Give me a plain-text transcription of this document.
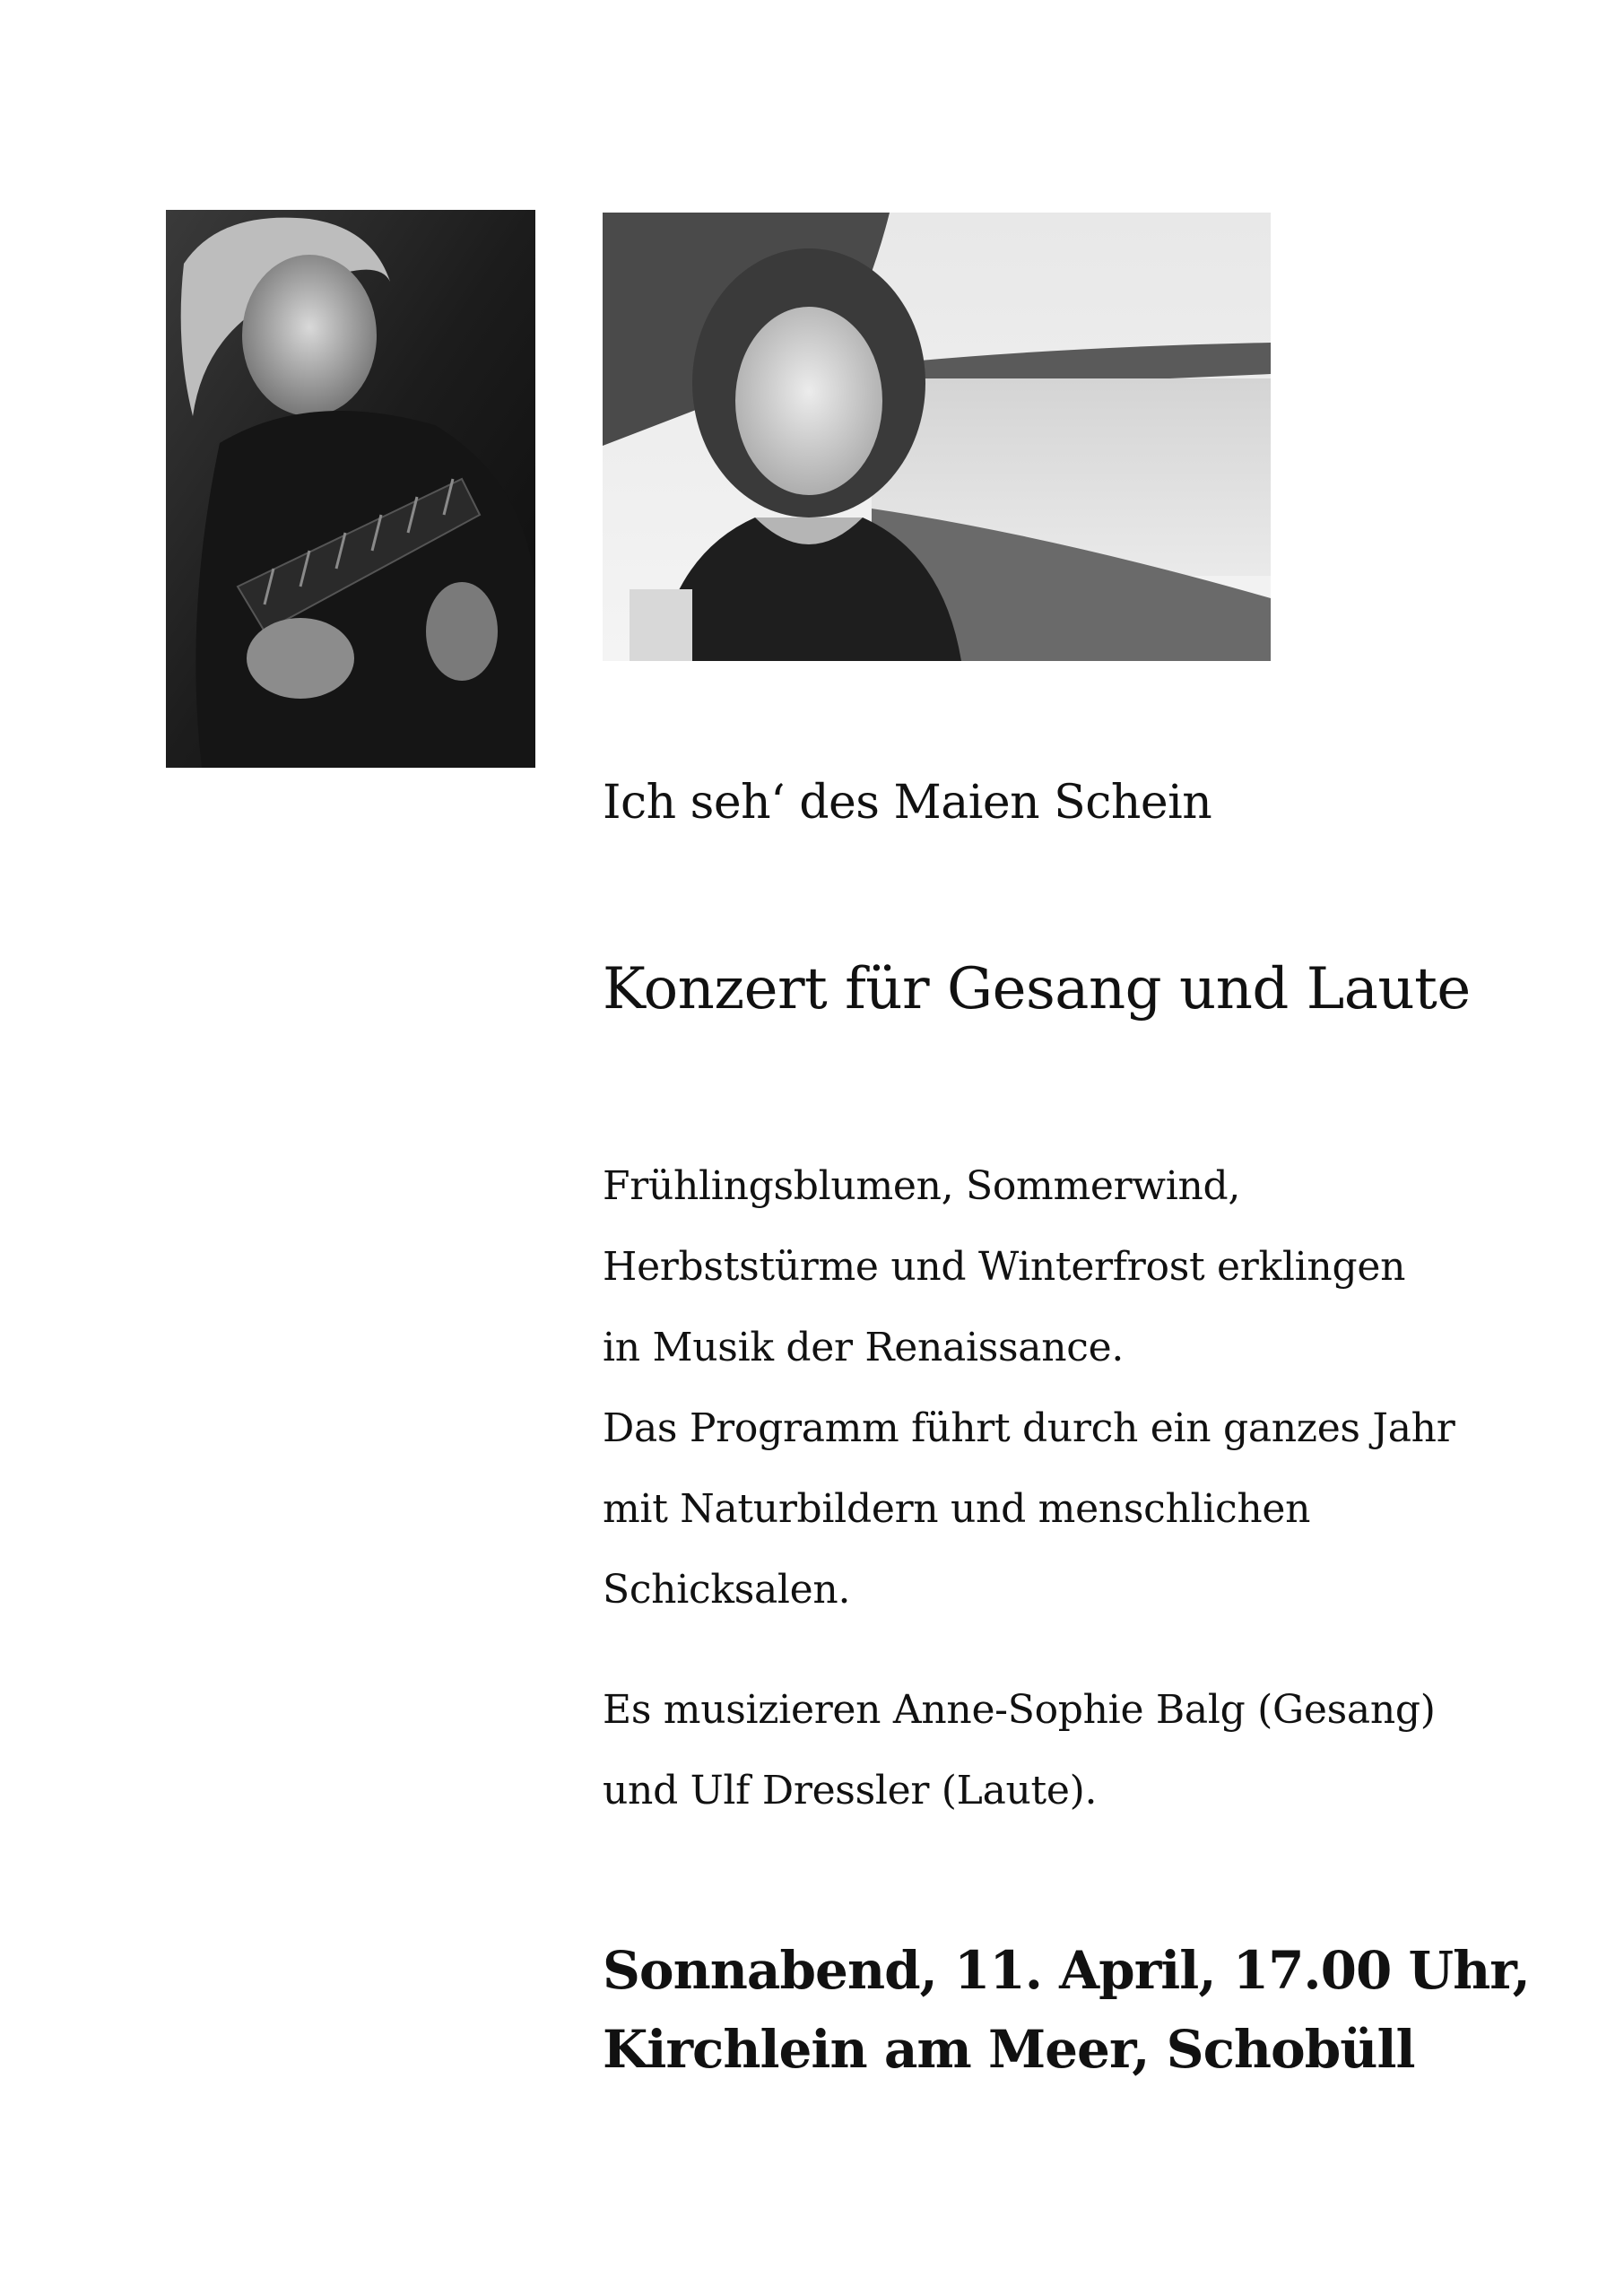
Ich seh‘ des Maien Schein
Konzert für Gesang und Laute
Frühlingsblumen, Sommerwind,
Herbststürme und Winterfrost erklingen
in Musik der Renaissance.
Das Programm führt durch ein ganzes Jahr
mit Naturbildern und menschlichen
Schicksalen.
Es musizieren Anne-Sophie Balg (Gesang)
und Ulf Dressler (Laute).
Sonnabend, 11. April, 17.00 Uhr,
Kirchlein am Meer, Schobüll
